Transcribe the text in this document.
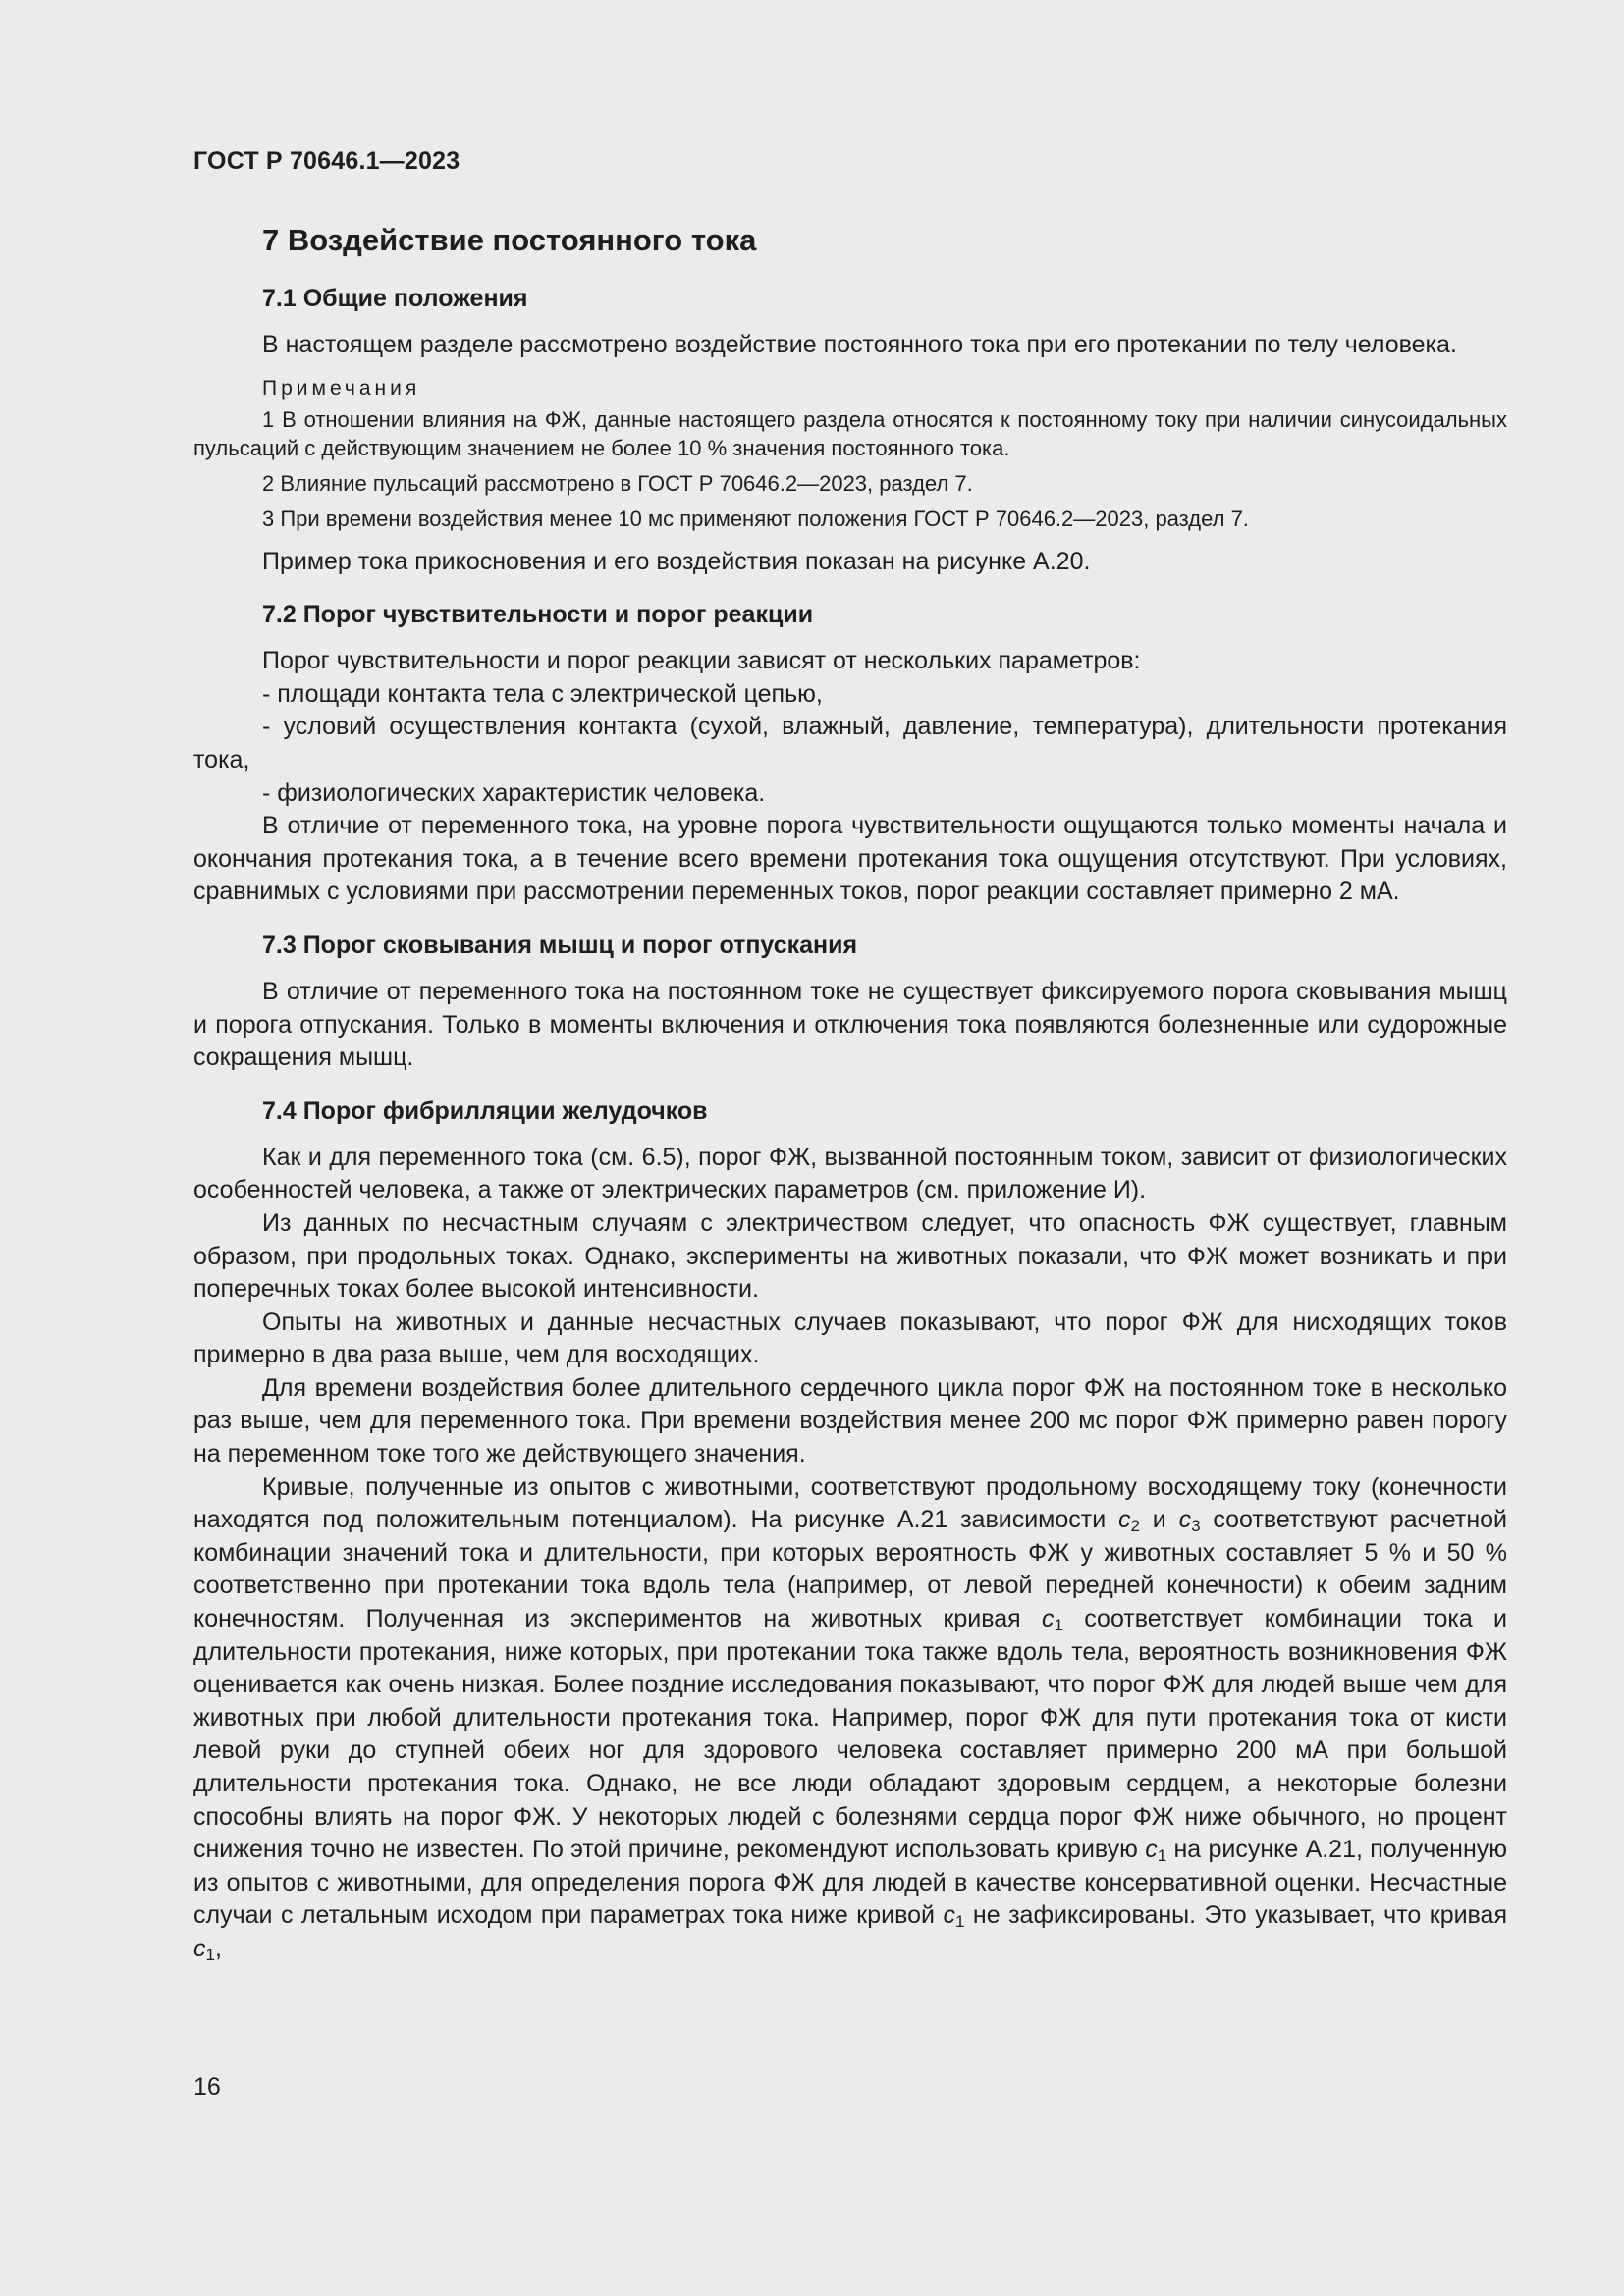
ГОСТ Р 70646.1—2023
7 Воздействие постоянного тока
7.1 Общие положения

В настоящем разделе рассмотрено воздействие постоянного тока при его протекании по телу человека.

Примечания

1 В отношении влияния на ФЖ, данные настоящего раздела относятся к постоянному току при наличии синусоидальных пульсаций с действующим значением не более 10 % значения постоянного тока.

2 Влияние пульсаций рассмотрено в ГОСТ Р 70646.2—2023, раздел 7.

3 При времени воздействия менее 10 мс применяют положения ГОСТ Р 70646.2—2023, раздел 7.

Пример тока прикосновения и его воздействия показан на рисунке А.20.

7.2 Порог чувствительности и порог реакции

Порог чувствительности и порог реакции зависят от нескольких параметров:

- площади контакта тела с электрической цепью,

- условий осуществления контакта (сухой, влажный, давление, температура), длительности протекания тока,

- физиологических характеристик человека.

В отличие от переменного тока, на уровне порога чувствительности ощущаются только моменты начала и окончания протекания тока, а в течение всего времени протекания тока ощущения отсутствуют. При условиях, сравнимых с условиями при рассмотрении переменных токов, порог реакции составляет примерно 2 мА.

7.3 Порог сковывания мышц и порог отпускания

В отличие от переменного тока на постоянном токе не существует фиксируемого порога сковывания мышц и порога отпускания. Только в моменты включения и отключения тока появляются болезненные или судорожные сокращения мышц.

7.4 Порог фибрилляции желудочков

Как и для переменного тока (см. 6.5), порог ФЖ, вызванной постоянным током, зависит от физиологических особенностей человека, а также от электрических параметров (см. приложение И).

Из данных по несчастным случаям с электричеством следует, что опасность ФЖ существует, главным образом, при продольных токах. Однако, эксперименты на животных показали, что ФЖ может возникать и при поперечных токах более высокой интенсивности.

Опыты на животных и данные несчастных случаев показывают, что порог ФЖ для нисходящих токов примерно в два раза выше, чем для восходящих.

Для времени воздействия более длительного сердечного цикла порог ФЖ на постоянном токе в несколько раз выше, чем для переменного тока. При времени воздействия менее 200 мс порог ФЖ примерно равен порогу на переменном токе того же действующего значения.

Кривые, полученные из опытов с животными, соответствуют продольному восходящему току (конечности находятся под положительным потенциалом). На рисунке А.21 зависимости $c_2$ и $c_3$ соответствуют расчетной комбинации значений тока и длительности, при которых вероятность ФЖ у животных составляет 5 % и 50 % соответственно при протекании тока вдоль тела (например, от левой передней конечности) к обеим задним конечностям. Полученная из экспериментов на животных кривая $c_1$ соответствует комбинации тока и длительности протекания, ниже которых, при протекании тока также вдоль тела, вероятность возникновения ФЖ оценивается как очень низкая. Более поздние исследования показывают, что порог ФЖ для людей выше чем для животных при любой длительности протекания тока. Например, порог ФЖ для пути протекания тока от кисти левой руки до ступней обеих ног для здорового человека составляет примерно 200 мА при большой длительности протекания тока. Однако, не все люди обладают здоровым сердцем, а некоторые болезни способны влиять на порог ФЖ. У некоторых людей с болезнями сердца порог ФЖ ниже обычного, но процент снижения точно не известен. По этой причине, рекомендуют использовать кривую $c_1$ на рисунке А.21, полученную из опытов с животными, для определения порога ФЖ для людей в качестве консервативной оценки. Несчастные случаи с летальным исходом при параметрах тока ниже кривой $c_1$ не зафиксированы. Это указывает, что кривая $c_1$,

16
